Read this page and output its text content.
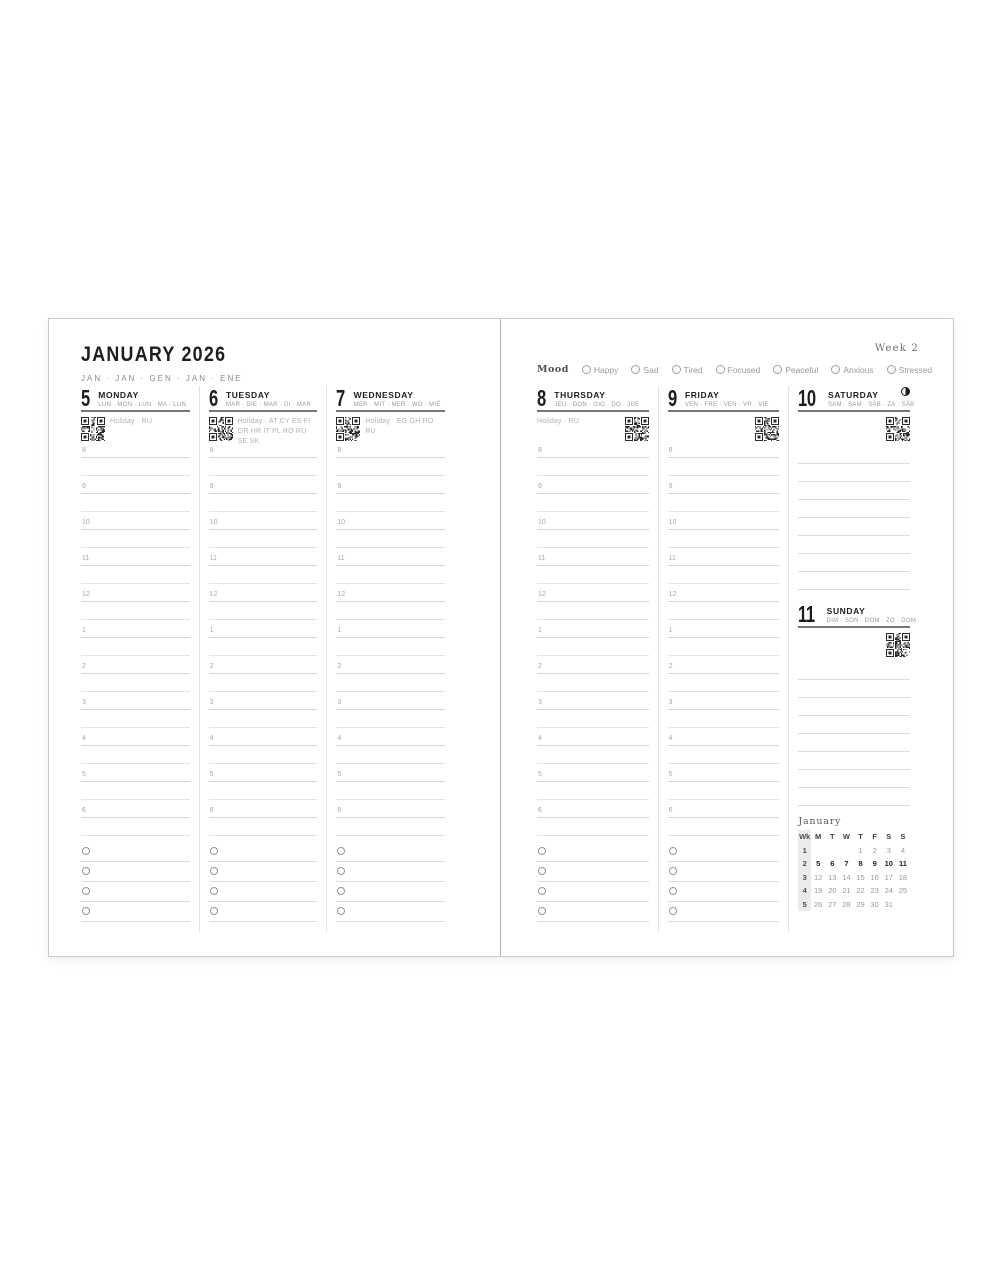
JANUARY 2026
JAN · JAN · GEN · JAN · ENE
5 MONDAY
LUN · MON · LUN · MA · LUN
Holiday · RU
8
9
10
11
12
1
2
3
4
5
6
6 TUESDAY
MAR · DIE · MAR · DI · MAR
Holiday · AT CY ES FI GR HR IT PL RO RU SE SK
8
9
10
11
12
1
2
3
4
5
6
7 WEDNESDAY
MER · MIT · MER · WO · MIÉ
Holiday · EG GH RO RU
8
9
10
11
12
1
2
3
4
5
6
Week 2
Mood	Happy	Sad	Tired	Focused	Peaceful	Anxious	Stressed
8 THURSDAY
JEU · DON · GIO · DO · JUE
Holiday · RU
8
9
10
11
12
1
2
3
4
5
6
9 FRIDAY
VEN · FRE · VEN · VR · VIE
8
9
10
11
12
1
2
3
4
5
6
10 SATURDAY
SAM · SAM · SÁB · ZA · SÁB
11 SUNDAY
DIM · SON · DOM · ZO · DOM
January
Wk	M	T	W	T	F	S	S
1				1	2	3	4
2	5	6	7	8	9	10	11
3	12	13	14	15	16	17	18
4	19	20	21	22	23	24	25
5	26	27	28	29	30	31	
